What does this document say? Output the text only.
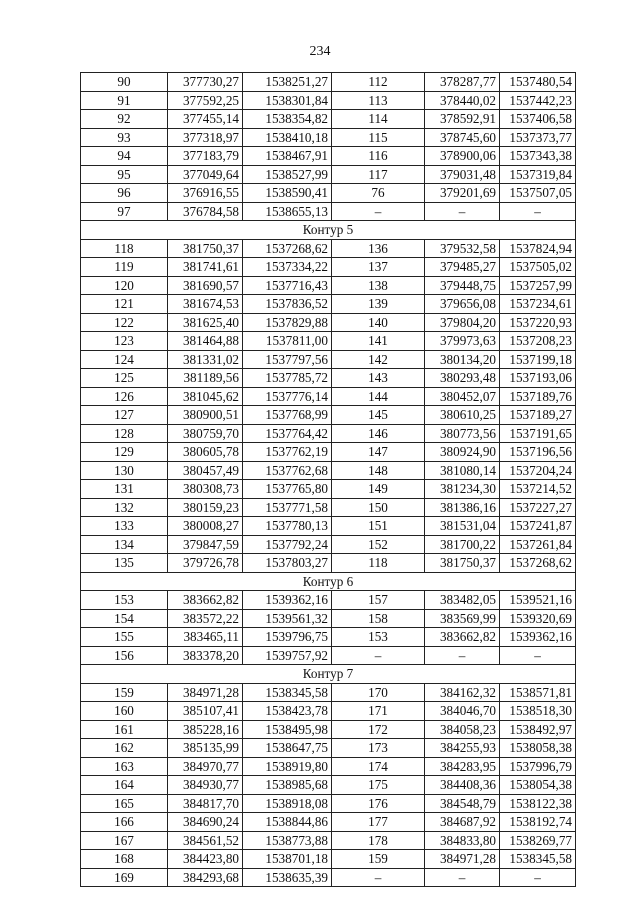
234
90	377730,27	1538251,27	112	378287,77	1537480,54
91	377592,25	1538301,84	113	378440,02	1537442,23
92	377455,14	1538354,82	114	378592,91	1537406,58
93	377318,97	1538410,18	115	378745,60	1537373,77
94	377183,79	1538467,91	116	378900,06	1537343,38
95	377049,64	1538527,99	117	379031,48	1537319,84
96	376916,55	1538590,41	76	379201,69	1537507,05
97	376784,58	1538655,13	–	–	–
Контур 5					
118	381750,37	1537268,62	136	379532,58	1537824,94
119	381741,61	1537334,22	137	379485,27	1537505,02
120	381690,57	1537716,43	138	379448,75	1537257,99
121	381674,53	1537836,52	139	379656,08	1537234,61
122	381625,40	1537829,88	140	379804,20	1537220,93
123	381464,88	1537811,00	141	379973,63	1537208,23
124	381331,02	1537797,56	142	380134,20	1537199,18
125	381189,56	1537785,72	143	380293,48	1537193,06
126	381045,62	1537776,14	144	380452,07	1537189,76
127	380900,51	1537768,99	145	380610,25	1537189,27
128	380759,70	1537764,42	146	380773,56	1537191,65
129	380605,78	1537762,19	147	380924,90	1537196,56
130	380457,49	1537762,68	148	381080,14	1537204,24
131	380308,73	1537765,80	149	381234,30	1537214,52
132	380159,23	1537771,58	150	381386,16	1537227,27
133	380008,27	1537780,13	151	381531,04	1537241,87
134	379847,59	1537792,24	152	381700,22	1537261,84
135	379726,78	1537803,27	118	381750,37	1537268,62
Контур 6					
153	383662,82	1539362,16	157	383482,05	1539521,16
154	383572,22	1539561,32	158	383569,99	1539320,69
155	383465,11	1539796,75	153	383662,82	1539362,16
156	383378,20	1539757,92	–	–	–
Контур 7					
159	384971,28	1538345,58	170	384162,32	1538571,81
160	385107,41	1538423,78	171	384046,70	1538518,30
161	385228,16	1538495,98	172	384058,23	1538492,97
162	385135,99	1538647,75	173	384255,93	1538058,38
163	384970,77	1538919,80	174	384283,95	1537996,79
164	384930,77	1538985,68	175	384408,36	1538054,38
165	384817,70	1538918,08	176	384548,79	1538122,38
166	384690,24	1538844,86	177	384687,92	1538192,74
167	384561,52	1538773,88	178	384833,80	1538269,77
168	384423,80	1538701,18	159	384971,28	1538345,58
169	384293,68	1538635,39	–	–	–
